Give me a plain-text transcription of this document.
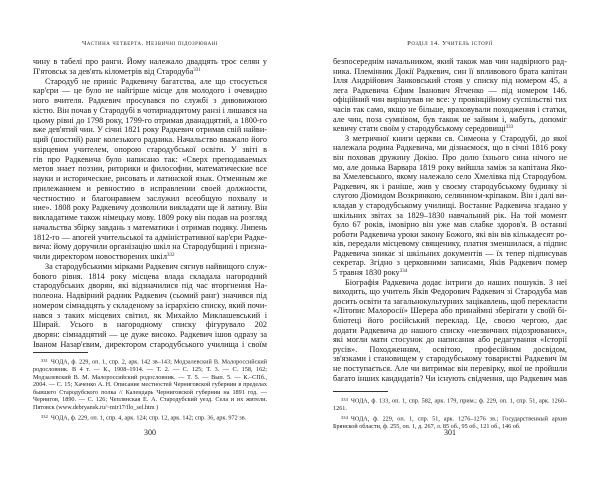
Частина четверта. Незвичні підозрювані
чину в табелі про ранги. Йому належало двадцять троє селян у
П'ятовськ за дев'ять кілометрів від Стародуба$^{331}$
Стародуб не приніс Радкевичу багатства, але що стосується
кар'єри — це було не найгірше місце для молодого і очевидно
ного вчителя. Радкевич просувався по службі з дивовижною
кістю. Він почав у Стародубі в чотирнадцятому ранзі і лишався на
цьому рівні до 1798 року, 1799-го отримав дванадцятий, а 1800-го
вже дев'ятий чин. У січні 1821 року Радкевич отримав свій найви-
щий (шостий) ранг колезького радника. Начальство вважало його
взірцевим учителем, опорою стародубської освіти. У звіті в
гів про Радкевича було написано так: «Сверх преподаваемых
метов знает поэзии, риторики и философии, математические все
науки и исторические, рисовать и латинской язык. Отменным же
прилежанием и ревностию в исправлении своей должности,
честностию и благонравием заслужил всеобщую похвалу и
ние». 1808 року Радкевичу дозволили викладати ще й латину. Він
викладатиме також німецьку мову. 1809 року він подав на розгляд
начальства збірку завдань з математики і отримав подяку. Липень
1812-го — апогей учительської та адміністративної кар'єри Радке-
вича: йому доручили організацію шкіл на Стародубщині і призна-
чили директором новостворених шкіл$^{332}$
За стародубськими мірками Радкевич сягнув найвищого служ-
бового рівня. 1814 року місцева влада складала нагородний
стародубських дворян, які відзначилися під час вторгнення На-
полеона. Надвірний радник Радкевич (сьомий ранг) значився під
номером сімнадцять у складеному за ієрархією списку, який почи-
нався з таких місцевих світил, як Михайло Миклашевський і
Ширай. Усього в нагородному списку фігурувало 202
дворян: сімнадцятий — це дуже високо. Радкевич ішов одразу за
Іваном Назар'євим, директором стародубського училища і своїм
$^{331}$ ЧОДА, ф. 229, оп. 1, спр. 2, арк. 142 зв–143; Модзалевский В. Малороссийский родословник. В 4 т. — К., 1908–1914. — Т. 2. — С. 125; Т. 3. — С. 158, 162; Модзалевский В. М. Малороссийский родословник. — Т. 5. — Вып. 5. — К.–СПб., 2004. — С. 15; Хаченко А. Н. Описание местностей Черниговской губернии в пределах бывшего Стародубского полка // Календарь Черниговской губернии на 1891 год. — Чернигов, 1890. — С. 126; Чеплянская Е. А. Стародубский уезд. Села и их жители. Пятовск (www.debryansk.ru/~mir17/flo_sel.htm )
$^{332}$ ЧОДА, ф. 229, оп. 1, спр. 4, арк. 124; спр. 12, арк. 142; спр. 36, арк. 972 зв.
300
Розділ 14. Учитель історії
безпосереднім начальником, який також мав чин надвірного рад-
ника. Племінник Докії Радкевич, син її впливового брата капітан
Ілля Андрійович Занковський стояв у списку під номером 45, а
лега Радкевича Єфим Іванович Ятченко — під номером 146.
офіційний чин вирішував не все: у провінційному суспільстві тих
часів так само, якщо не більше, враховували походження і статки,
але чин, поза сумнівом, був також не зайвим і, мабуть, допоміг
кевичу стати своїм у стародубському середовищі$^{333}$
З метричної книги церкви св. Симеона у Стародубі, до якої
належала родина Радкевича, ми дізнаємося, що в січні 1816 року
він поховав дружину Докію. Про долю їхнього сина нічого не
мо, але донька Варвара 1819 року вийшла заміж за капітана Яко-
ва Хмелевського, якому належало село Хмелівка під Стародубом.
Радкевич, як і раніше, жив у своєму стародубському будинку зі
слугою Діомидом Возкрянкою, селянином-кріпаком. Він і далі ви-
кладав у стародубському училищі. Востаннє Радкевича згадано у
шкільних звітах за 1829–1830 навчальний рік. На той момент
було 67 років, імовірно він уже мав слабке здоров'я. В останні
роботи Радкевича уроки закону Божого, які він вів кількадесят ро-
ків, передали місцевому священику, платня зменшилася, а підпис
Радкевича зникає зі шкільних документів — їх тепер підписував
секретар. Згідно з церковними записами, Яків Радкевич помер
5 травня 1830 року$^{334}$
Біографія Радкевича додає інтриги до наших пошуків. З неї
виходить, що учитель Яків Федорович Радкевич зі Стародуба мав
досить освіти та загальнокультурних зацікавлень, щоб перекласти
«Літопис Малоросії» Шерера або принаймні зберігати у своїй бі-
бліотеці його російський переклад. Це, своєю чергою, дає
додати Радкевича до нашого списку «незвичних підозрюваних»,
які могли мати стосунок до написання або редагування «Історії
русів». Походженням, освітою, професійним досвідом,
зв'язками і становищем у стародубському товаристві Радкевич їм
не поступається. Але чи витримає він перевірку, якої не пройшли
багато інших кандидатів? Чи існують свідчення, що Радкевич мав
$^{333}$ ЧОДА, ф. 133, оп. 1, спр. 582, арк. 179, прим.; ф. 229, оп. 1, спр. 51, арк. 1260–1261.
$^{334}$ ЧОДА, ф. 229, оп. 1, спр. 51, арк. 1276–1276 зв.; Государственный архив Брянской области, ф. 255, оп. 1, д. 267, л. 85 об., 95 об., 121 об., 146 об.
301
